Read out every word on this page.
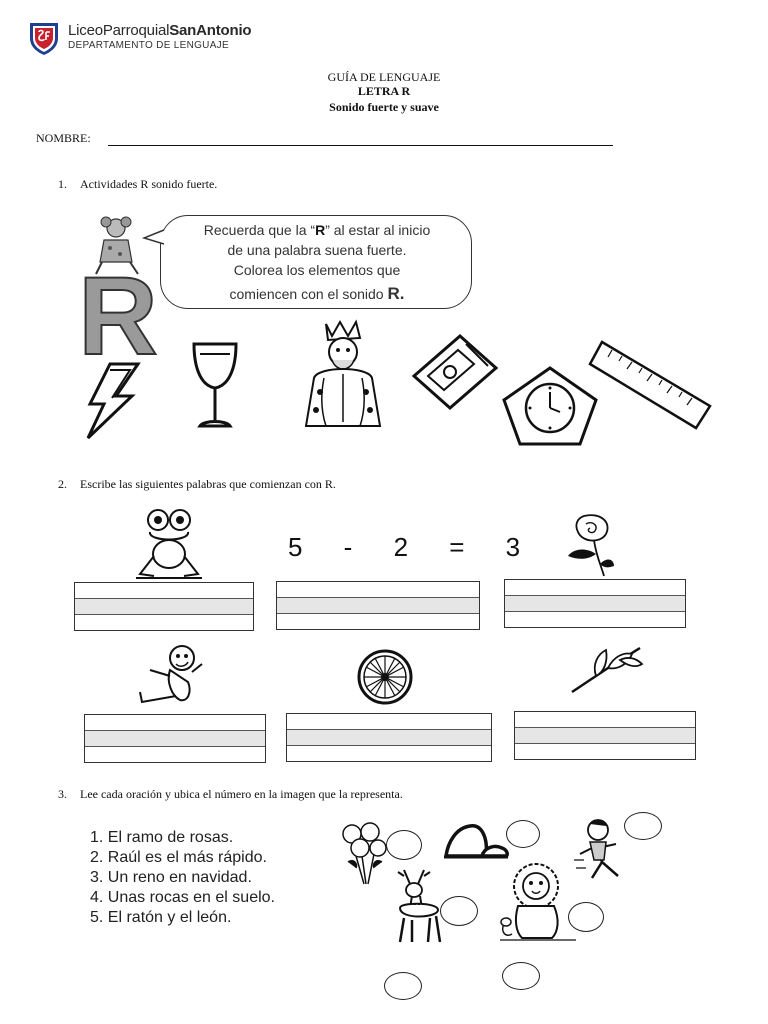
LiceoParroquialSanAntonio
DEPARTAMENTO DE LENGUAJE
GUÍA DE LENGUAJE
LETRA R
Sonido fuerte y suave
NOMBRE:
1. Actividades R sonido fuerte.
R
Recuerda que la “R” al estar al inicio
de una palabra suena fuerte.
Colorea los elementos que
comiencen con el sonido R.
2. Escribe las siguientes palabras que comienzan con R.
5 - 2 = 3
3. Lee cada oración y ubica el número en la imagen que la representa.
1. El ramo de rosas.
2. Raúl es el más rápido.
3. Un reno en navidad.
4. Unas rocas en el suelo.
5. El ratón y el león.
